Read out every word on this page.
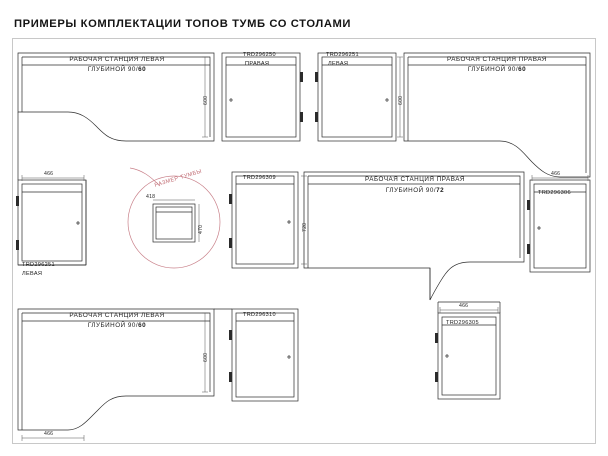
ПРИМЕРЫ КОМПЛЕКТАЦИИ ТОПОВ ТУМБ СО СТОЛАМИ
РАБОЧАЯ СТАНЦИЯ ЛЕВАЯ
ГЛУБИНОЙ 90/60
TRD296250
ПРАВАЯ
TRD296251
ЛЕВАЯ
РАБОЧАЯ СТАНЦИЯ ПРАВАЯ
ГЛУБИНОЙ 90/60
TRD296251
ЛЕВАЯ
TRD296309	РАБОЧАЯ СТАНЦИЯ ПРАВАЯ
ГЛУБИНОЙ 90/72	TRD296306
TRD296305
РАБОЧАЯ СТАНЦИЯ ЛЕВАЯ
ГЛУБИНОЙ 90/60
TRD296310
600	600
720
600
466	466
466
466
418
470
РАЗМЕР ТУМБЫ
